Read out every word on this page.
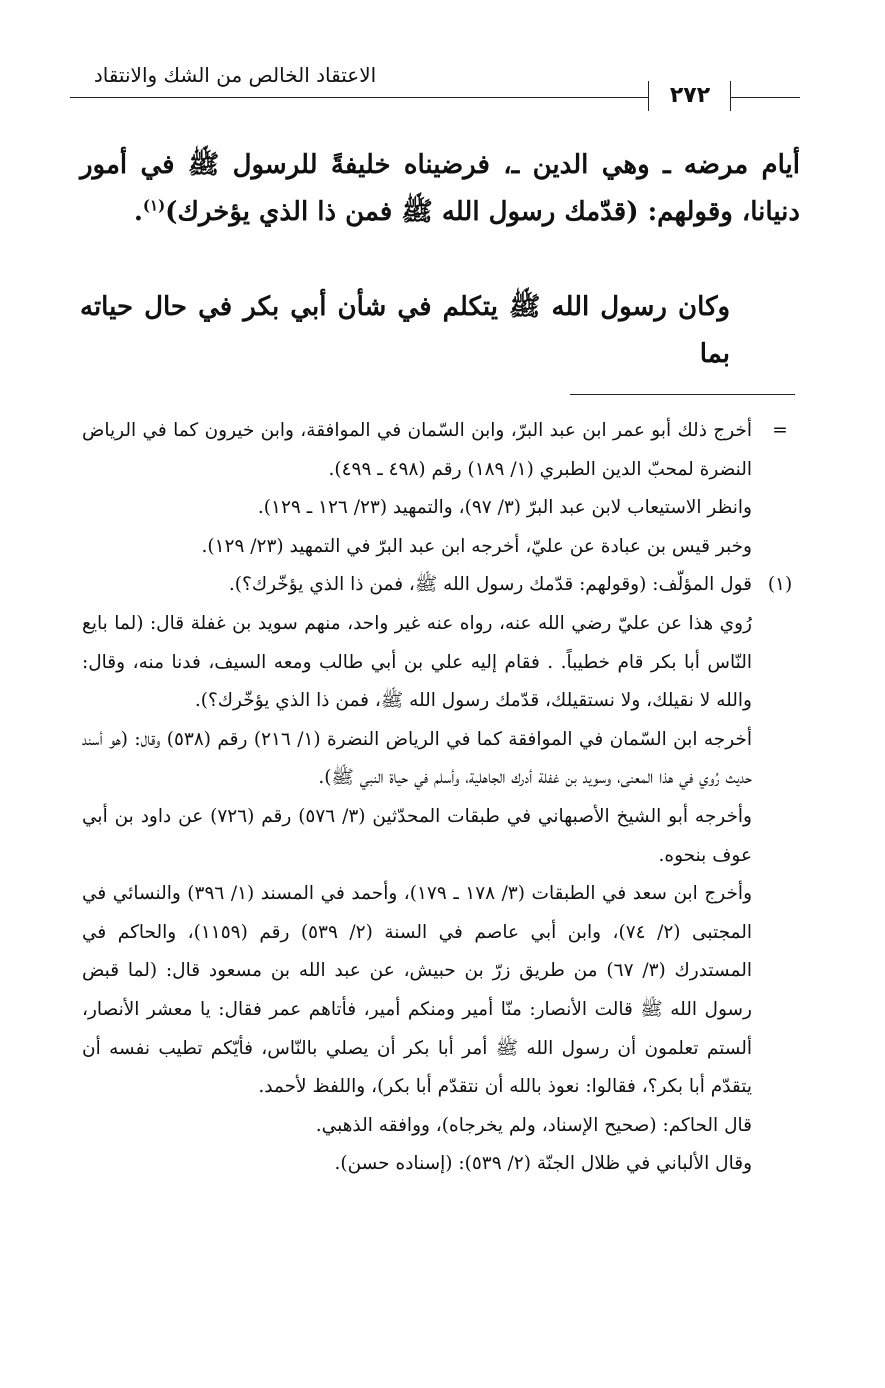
الاعتقاد الخالص من الشك والانتقاد
٢٧٢

أيام مرضه ـ وهي الدين ـ، فرضيناه خليفةً للرسول ﷺ في أمور دنيانا، وقولهم: (قدّمك رسول الله ﷺ فمن ذا الذي يؤخرك)$^{(١)}$.

وكان رسول الله ﷺ يتكلم في شأن أبي بكر في حال حياته بما

=

أخرج ذلك أبو عمر ابن عبد البرّ، وابن السّمان في الموافقة، وابن خيرون كما في الرياض النضرة لمحبّ الدين الطبري (١/ ١٨٩) رقم (٤٩٨ ـ ٤٩٩).

وانظر الاستيعاب لابن عبد البرّ (٣/ ٩٧)، والتمهيد (٢٣/ ١٢٦ ـ ١٢٩).

وخبر قيس بن عبادة عن عليّ، أخرجه ابن عبد البرّ في التمهيد (٢٣/ ١٢٩).

(١)

قول المؤلّف: (وقولهم: قدّمك رسول الله ﷺ، فمن ذا الذي يؤخّرك؟).

رُوي هذا عن عليّ رضي الله عنه، رواه عنه غير واحد، منهم سويد بن غفلة قال: (لما بايع النّاس أبا بكر قام خطيباً. . فقام إليه علي بن أبي طالب ومعه السيف، فدنا منه، وقال: والله لا نقيلك، ولا نستقيلك، قدّمك رسول الله ﷺ، فمن ذا الذي يؤخّرك؟).

أخرجه ابن السّمان في الموافقة كما في الرياض النضرة (١/ ٢١٦) رقم (٥٣٨) وقال: (هو أسند حديث رُوي في هذا المعنى، وسويد بن غفلة أدرك الجاهلية، وأسلم في حياة النبي ﷺ).

وأخرجه أبو الشيخ الأصبهاني في طبقات المحدّثين (٣/ ٥٧٦) رقم (٧٢٦) عن داود بن أبي عوف بنحوه.

وأخرج ابن سعد في الطبقات (٣/ ١٧٨ ـ ١٧٩)، وأحمد في المسند (١/ ٣٩٦) والنسائي في المجتبى (٢/ ٧٤)، وابن أبي عاصم في السنة (٢/ ٥٣٩) رقم (١١٥٩)، والحاكم في المستدرك (٣/ ٦٧) من طريق زرّ بن حبيش، عن عبد الله بن مسعود قال: (لما قبض رسول الله ﷺ قالت الأنصار: منّا أمير ومنكم أمير، فأتاهم عمر فقال: يا معشر الأنصار، ألستم تعلمون أن رسول الله ﷺ أمر أبا بكر أن يصلي بالنّاس، فأيّكم تطيب نفسه أن يتقدّم أبا بكر؟، فقالوا: نعوذ بالله أن نتقدّم أبا بكر)، واللفظ لأحمد.

قال الحاكم: (صحيح الإسناد، ولم يخرجاه)، ووافقه الذهبي.

وقال الألباني في ظلال الجنّة (٢/ ٥٣٩): (إسناده حسن).
